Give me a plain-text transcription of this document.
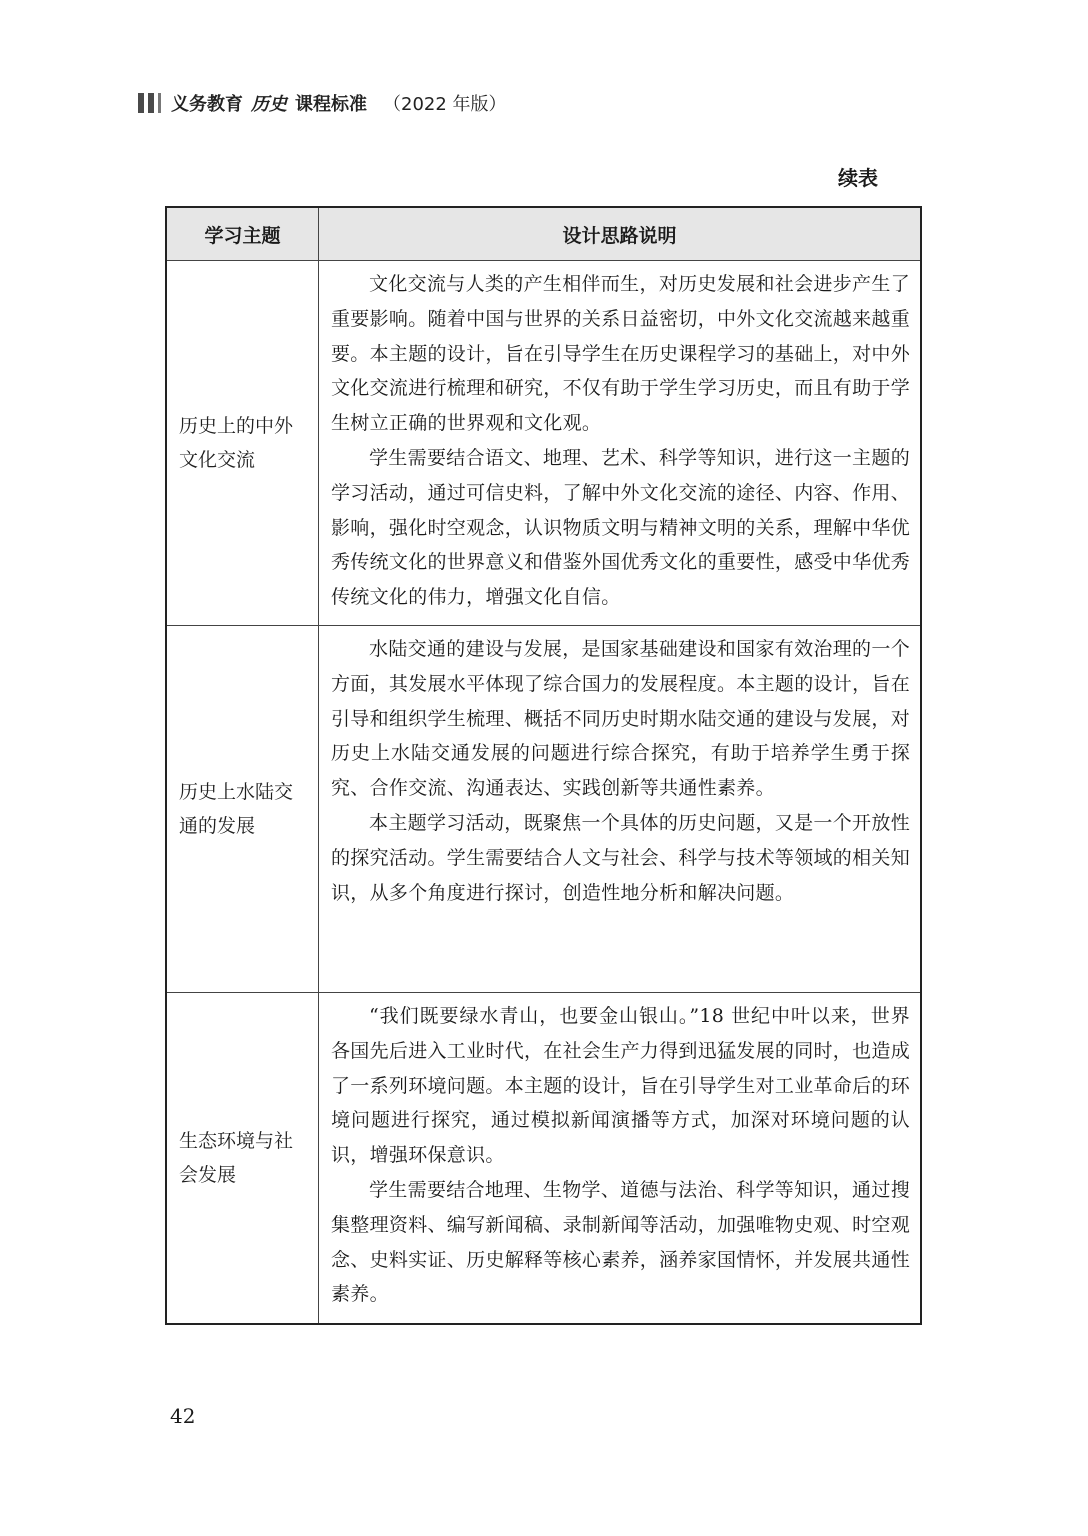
义务教育 历史 课程标准 （2022 年版）
续表
学习主题	设计思路说明
历史上的中外文化交流

文化交流与人类的产生相伴而生，对历史发展和社会进步产生了重要影响。随着中国与世界的关系日益密切，中外文化交流越来越重要。本主题的设计，旨在引导学生在历史课程学习的基础上，对中外文化交流进行梳理和研究，不仅有助于学生学习历史，而且有助于学生树立正确的世界观和文化观。

学生需要结合语文、地理、艺术、科学等知识，进行这一主题的学习活动，通过可信史料，了解中外文化交流的途径、内容、作用、影响，强化时空观念，认识物质文明与精神文明的关系，理解中华优秀传统文化的世界意义和借鉴外国优秀文化的重要性，感受中华优秀传统文化的伟力，增强文化自信。

历史上水陆交通的发展

水陆交通的建设与发展，是国家基础建设和国家有效治理的一个方面，其发展水平体现了综合国力的发展程度。本主题的设计，旨在引导和组织学生梳理、概括不同历史时期水陆交通的建设与发展，对历史上水陆交通发展的问题进行综合探究，有助于培养学生勇于探究、合作交流、沟通表达、实践创新等共通性素养。

本主题学习活动，既聚焦一个具体的历史问题，又是一个开放性的探究活动。学生需要结合人文与社会、科学与技术等领域的相关知识，从多个角度进行探讨，创造性地分析和解决问题。

生态环境与社会发展

“我们既要绿水青山，也要金山银山。”18 世纪中叶以来，世界各国先后进入工业时代，在社会生产力得到迅猛发展的同时，也造成了一系列环境问题。本主题的设计，旨在引导学生对工业革命后的环境问题进行探究，通过模拟新闻演播等方式，加深对环境问题的认识，增强环保意识。

学生需要结合地理、生物学、道德与法治、科学等知识，通过搜集整理资料、编写新闻稿、录制新闻等活动，加强唯物史观、时空观念、史料实证、历史解释等核心素养，涵养家国情怀，并发展共通性素养。

42
